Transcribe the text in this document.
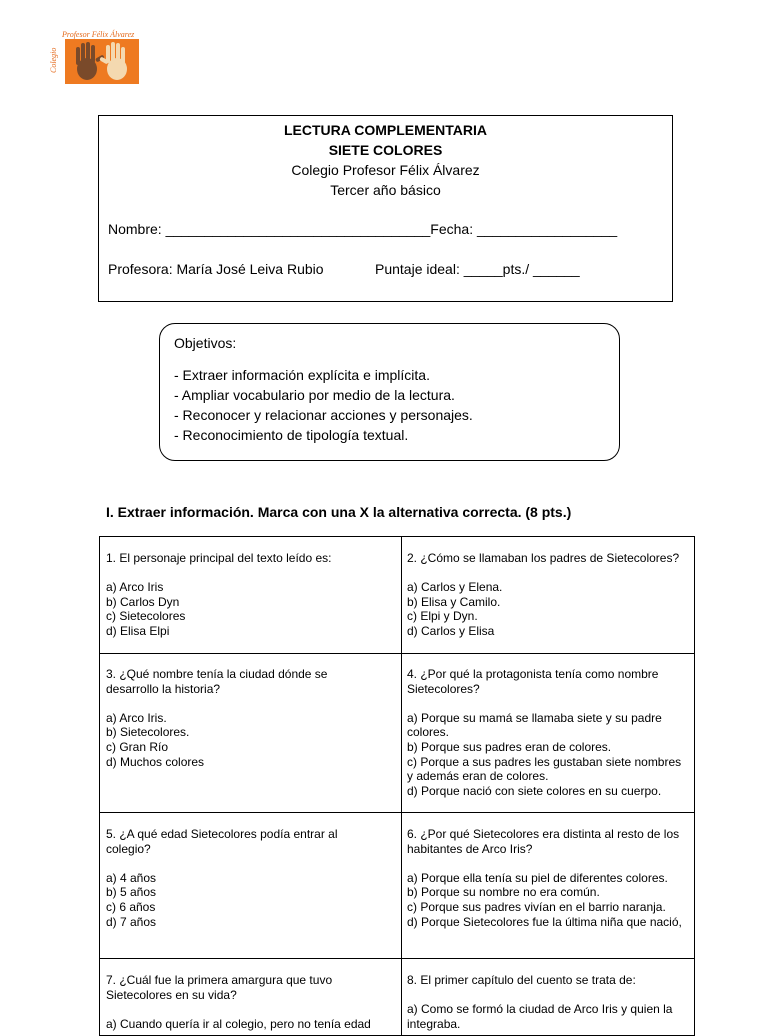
Colegio
Profesor Félix Álvarez
LECTURA COMPLEMENTARIA
SIETE COLORES
Colegio Profesor Félix Álvarez
Tercer año básico
Nombre: __________________________________Fecha: __________________
Profesora: María José Leiva Rubio	Puntaje ideal: _____pts./ ______
Objetivos:
- Extraer información explícita e implícita.
- Ampliar vocabulario por medio de la lectura.
- Reconocer y relacionar acciones y personajes.
- Reconocimiento de tipología textual.
I. Extraer información. Marca con una X la alternativa correcta. (8 pts.)
1. El personaje principal del texto leído es:
a) Arco Iris
b) Carlos Dyn
c) Sietecolores
d) Elisa Elpi
2. ¿Cómo se llamaban los padres de Sietecolores?
a) Carlos y Elena.
b) Elisa y Camilo.
c) Elpi y Dyn.
d) Carlos y Elisa
3. ¿Qué nombre tenía la ciudad dónde se desarrollo la historia?
a) Arco Iris.
b) Sietecolores.
c) Gran Río
d) Muchos colores
4. ¿Por qué la protagonista tenía como nombre Sietecolores?
a) Porque su mamá se llamaba siete y su padre colores.
b) Porque sus padres eran de colores.
c) Porque a sus padres les gustaban siete nombres y además eran de colores.
d) Porque nació con siete colores en su cuerpo.
5. ¿A qué edad Sietecolores podía entrar al colegio?
a) 4 años
b) 5 años
c) 6 años
d) 7 años
6. ¿Por qué Sietecolores era distinta al resto de los habitantes de Arco Iris?
a) Porque ella tenía su piel de diferentes colores.
b) Porque su nombre no era común.
c) Porque sus padres vivían en el barrio naranja.
d) Porque Sietecolores fue la última niña que nació,
7. ¿Cuál fue la primera amargura que tuvo Sietecolores en su vida?
a) Cuando quería ir al colegio, pero no tenía edad
8. El primer capítulo del cuento se trata de:
a) Como se formó la ciudad de Arco Iris y quien la integraba.
